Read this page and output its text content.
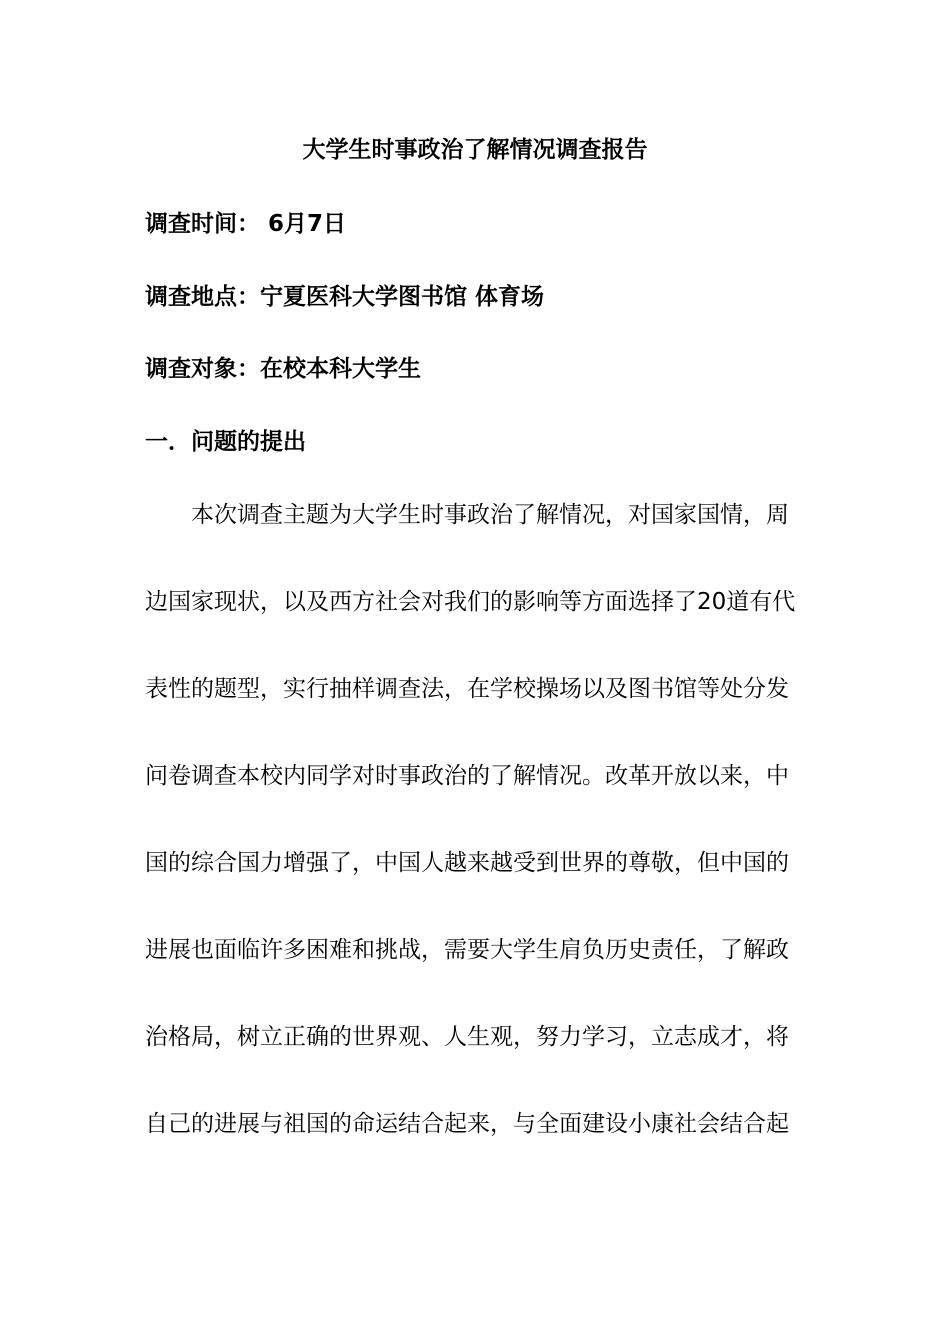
大学生时事政治了解情况调查报告
调查时间： 6月7日
调查地点：宁夏医科大学图书馆 体育场
调查对象：在校本科大学生
一．问题的提出
本次调查主题为大学生时事政治了解情况，对国家国情，周
边国家现状，以及西方社会对我们的影响等方面选择了20道有代
表性的题型，实行抽样调查法，在学校操场以及图书馆等处分发
问卷调查本校内同学对时事政治的了解情况。改革开放以来，中
国的综合国力增强了，中国人越来越受到世界的尊敬，但中国的
进展也面临许多困难和挑战，需要大学生肩负历史责任，了解政
治格局，树立正确的世界观、人生观，努力学习，立志成才，将
自己的进展与祖国的命运结合起来，与全面建设小康社会结合起
